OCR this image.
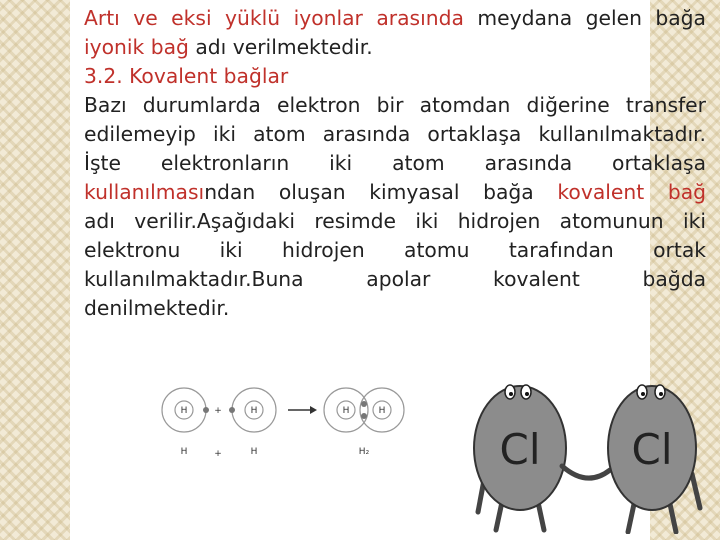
Artı ve eksi yüklü iyonlar arasında meydana gelen bağa

iyonik bağ adı verilmektedir.

3.2. Kovalent bağlar

Bazı durumlarda elektron bir atomdan diğerine transfer

edilemeyip iki atom arasında ortaklaşa kullanılmaktadır.

İşte elektronların iki atom arasında ortaklaşa

kullanılmasından oluşan kimyasal bağa kovalent bağ

adı verilir.Aşağıdaki resimde iki hidrojen atomunun iki

elektronu iki hidrojen atomu tarafından ortak

kullanılmaktadır.Buna apolar kovalent bağda

denilmektedir.

H	+	H	H	H
H	+	H	H₂	Cl Cl
